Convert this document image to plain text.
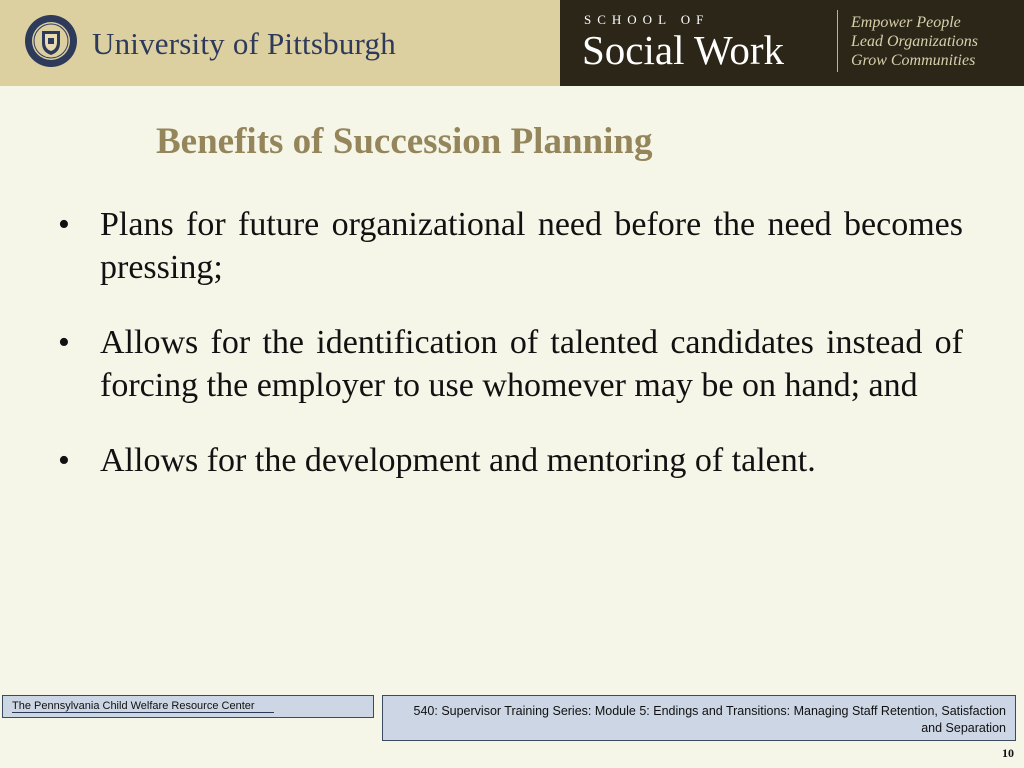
University of Pittsburgh
SCHOOL OF
Social Work
Empower People
Lead Organizations
Grow Communities
Benefits of Succession Planning
• Plans for future organizational need before the need becomes pressing;
• Allows for the identification of talented candidates instead of forcing the employer to use whomever may be on hand; and
• Allows for the development and mentoring of talent.
The Pennsylvania Child Welfare Resource Center	540: Supervisor Training Series: Module 5: Endings and Transitions: Managing Staff Retention, Satisfaction and Separation
10
